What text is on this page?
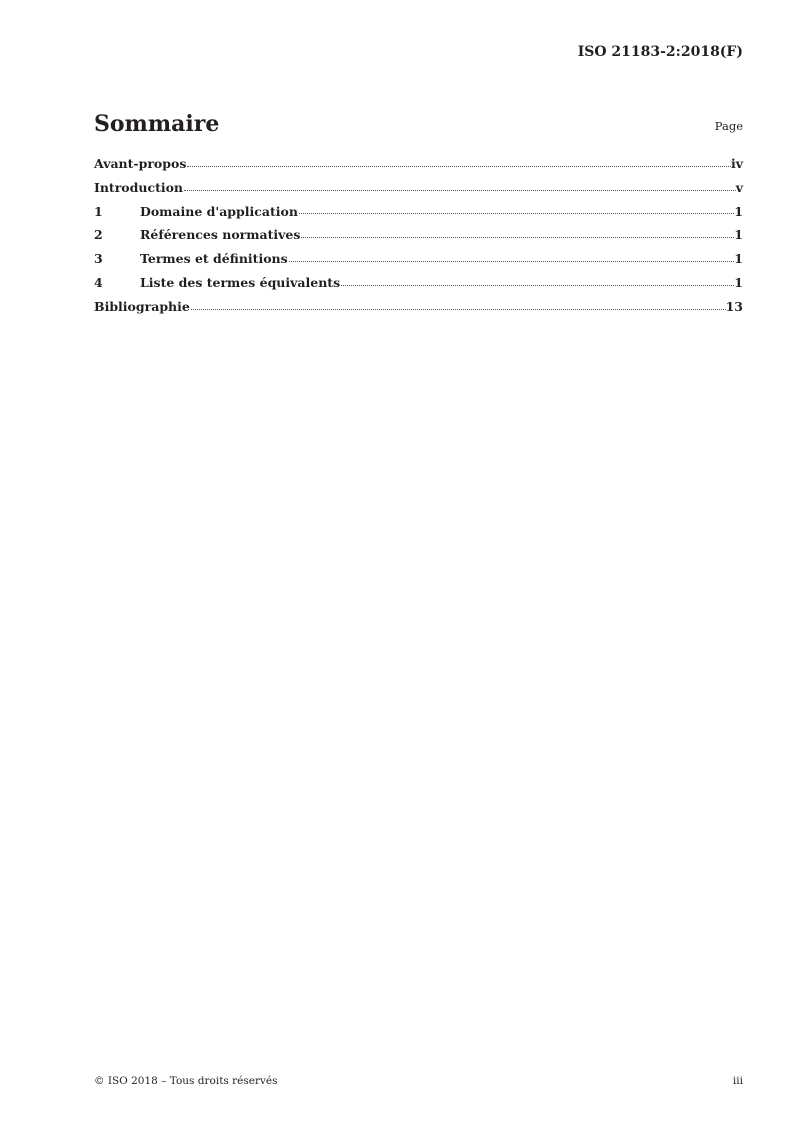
ISO 21183-2:2018(F)
Sommaire	Page
Avant-propos	iv
Introduction	v
1	Domaine d'application	1
2	Références normatives	1
3	Termes et définitions	1
4	Liste des termes équivalents	1
Bibliographie	13
© ISO 2018 – Tous droits réservés	iii
